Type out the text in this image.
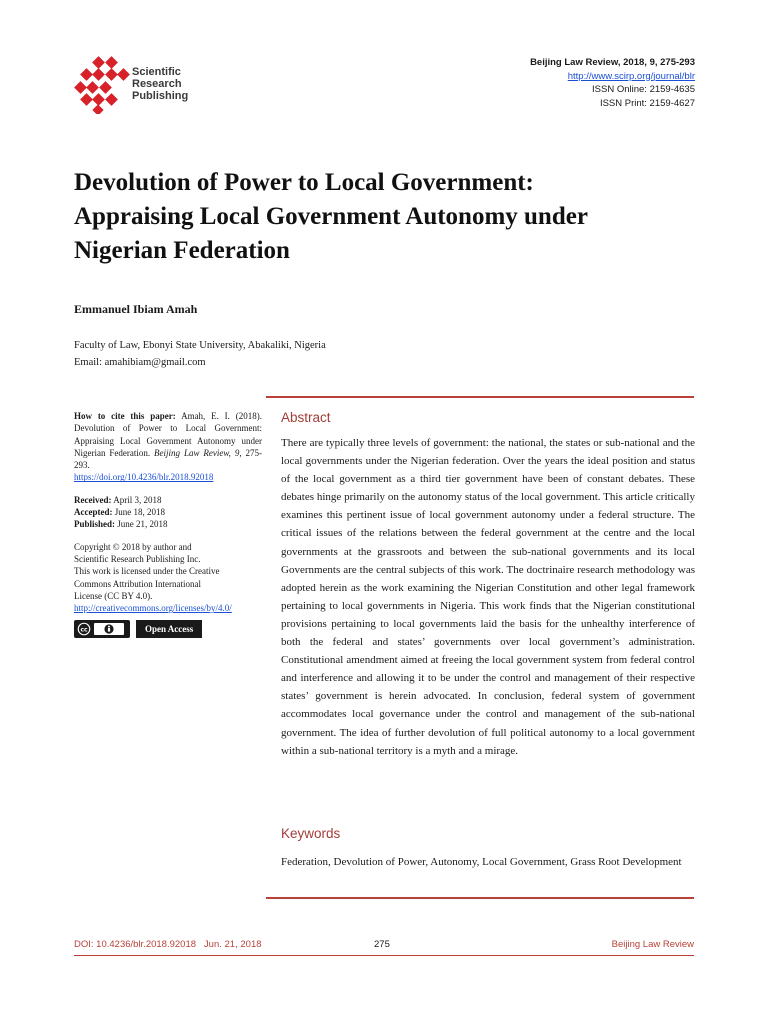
Scientific
Research
Publishing
Beijing Law Review, 2018, 9, 275-293
http://www.scirp.org/journal/blr
ISSN Online: 2159-4635
ISSN Print: 2159-4627
Devolution of Power to Local Government:
Appraising Local Government Autonomy under
Nigerian Federation
Emmanuel Ibiam Amah
Faculty of Law, Ebonyi State University, Abakaliki, Nigeria
Email: amahibiam@gmail.com
How to cite this paper: Amah, E. I. (2018). Devolution of Power to Local Government: Appraising Local Government Autonomy under Nigerian Federation. Beijing Law Review, 9, 275-293.
https://doi.org/10.4236/blr.2018.92018
Received: April 3, 2018
Accepted: June 18, 2018
Published: June 21, 2018
Copyright © 2018 by author and
Scientific Research Publishing Inc.
This work is licensed under the Creative
Commons Attribution International
License (CC BY 4.0).
http://creativecommons.org/licenses/by/4.0/
cc	Open Access
Abstract
There are typically three levels of government: the national, the states or sub-national and the local governments under the Nigerian federation. Over the years the ideal position and status of the local government as a third tier government have been of constant debates. These debates hinge primarily on the autonomy status of the local government. This article critically examines this pertinent issue of local government autonomy under a federal structure. The critical issues of the relations between the federal government at the centre and the local governments at the grassroots and between the sub-national governments and its local Governments are the central subjects of this work. The doctrinaire research methodology was adopted herein as the work examining the Nigerian Constitution and other legal framework pertaining to local governments in Nigeria. This work finds that the Nigerian constitutional provisions pertaining to local governments laid the basis for the unhealthy interference of both the federal and states’ governments over local government’s administration. Constitutional amendment aimed at freeing the local government system from federal control and interference and allowing it to be under the control and management of their respective states’ government is herein advocated. In conclusion, federal system of government accommodates local governance under the control and management of the sub-national government. The idea of further devolution of full political autonomy to a local government within a sub-national territory is a myth and a mirage.
Keywords
Federation, Devolution of Power, Autonomy, Local Government, Grass Root Development
DOI: 10.4236/blr.2018.92018   Jun. 21, 2018	275	Beijing Law Review
